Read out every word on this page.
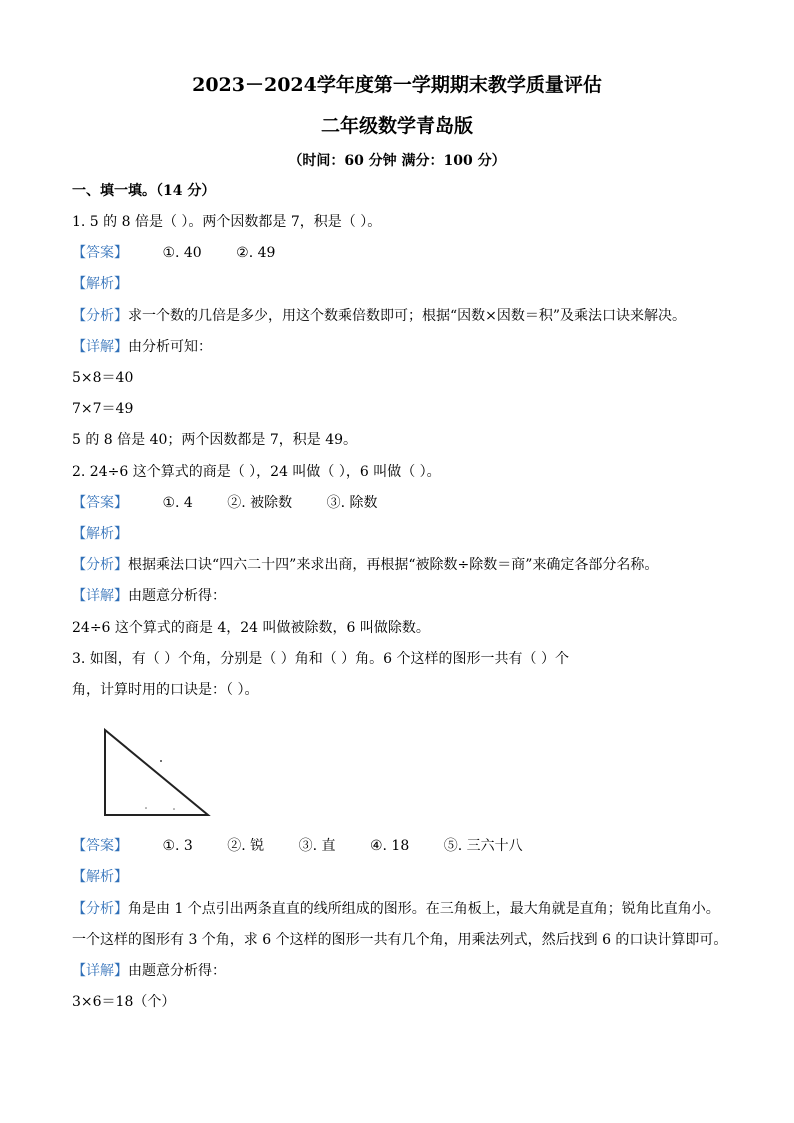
2023－2024学年度第一学期期末教学质量评估
二年级数学青岛版
（时间：60 分钟 满分：100 分）
一、填一填。（14 分）
1. 5 的 8 倍是（ ）。两个因数都是 7，积是（ ）。
【答案】 ①. 40 ②. 49
【解析】
【分析】求一个数的几倍是多少，用这个数乘倍数即可；根据“因数×因数＝积”及乘法口诀来解决。
【详解】由分析可知：
5×8＝40
7×7＝49
5 的 8 倍是 40；两个因数都是 7，积是 49。
2. 24÷6 这个算式的商是（ ），24 叫做（ ），6 叫做（ ）。
【答案】 ①. 4 ②. 被除数 ③. 除数
【解析】
【分析】根据乘法口诀“四六二十四”来求出商，再根据“被除数÷除数＝商”来确定各部分名称。
【详解】由题意分析得：
24÷6 这个算式的商是 4，24 叫做被除数，6 叫做除数。
3. 如图，有（ ）个角，分别是（ ）角和（ ）角。6 个这样的图形一共有（ ）个
角，计算时用的口诀是：（ ）。
【答案】 ①. 3 ②. 锐 ③. 直 ④. 18 ⑤. 三六十八
【解析】
【分析】角是由 1 个点引出两条直直的线所组成的图形。在三角板上，最大角就是直角；锐角比直角小。
一个这样的图形有 3 个角，求 6 个这样的图形一共有几个角，用乘法列式，然后找到 6 的口诀计算即可。
【详解】由题意分析得：
3×6＝18（个）
